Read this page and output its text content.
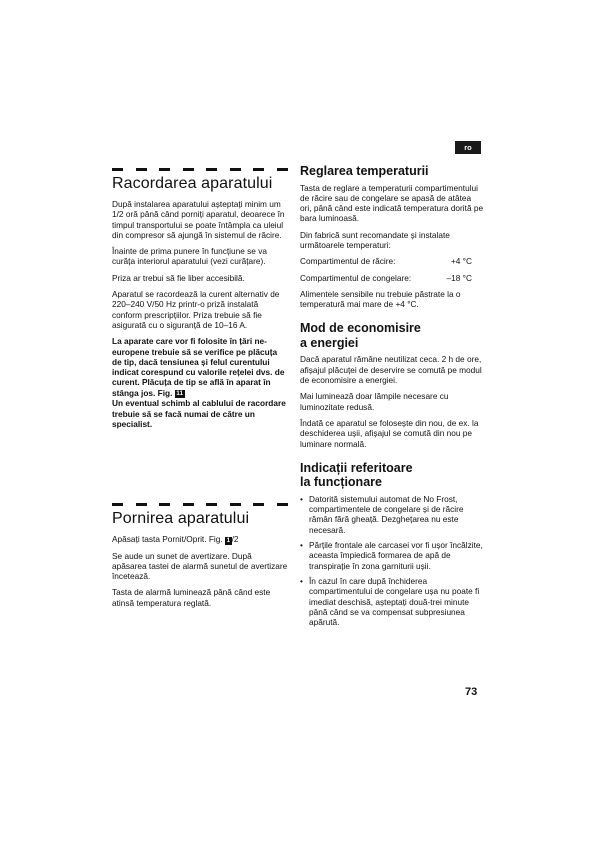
ro
Racordarea aparatului

După instalarea aparatului așteptați minim um 1/2 oră până când porniți aparatul, deoarece în timpul transportului se poate întâmpla ca uleiul din compresor să ajungă în sistemul de răcire.

Înainte de prima punere în funcțiune se va curăța interiorul aparatului (vezi curățare).

Priza ar trebui să fie liber accesibilă.

Aparatul se racordează la curent alternativ de 220–240 V/50 Hz printr-o priză instalată conform prescripțiilor. Priza trebuie să fie asigurată cu o siguranță de 10–16 A.

La aparate care vor fi folosite în țări ne-europene trebuie să se verifice pe plăcuța de tip, dacă tensiunea și felul curentului indicat corespund cu valorile rețelei dvs. de curent. Plăcuța de tip se află în aparat în stânga jos. Fig. 11

Un eventual schimb al cablului de racordare trebuie să se facă numai de către un specialist.

Pornirea aparatului

Apăsați tasta Pornit/Oprit. Fig. 1 /2

Se aude un sunet de avertizare. După apăsarea tastei de alarmă sunetul de avertizare încetează.

Tasta de alarmă luminează până când este atinsă temperatura reglată.

Reglarea temperaturii

Tasta de reglare a temperaturii compartimentului de răcire sau de congelare se apasă de atâtea ori, până când este indicată temperatura dorită pe bara luminoasă.

Din fabrică sunt recomandate și instalate următoarele temperaturi:

Compartimentul de răcire:	+4 °C
Compartimentul de congelare:	–18 °C

Alimentele sensibile nu trebuie păstrate la o temperatură mai mare de +4 °C.

Mod de economisire
a energiei

Dacă aparatul rămâne neutilizat ceca. 2 h de ore, afișajul plăcuței de deservire se comută pe modul de economisire a energiei.

Mai luminează doar lămpile necesare cu luminozitate redusă.

Îndată ce aparatul se folosește din nou, de ex. la deschiderea ușii, afișajul se comută din nou pe luminare normală.

Indicații referitoare
la funcționare
• Datorită sistemului automat de No Frost, compartimentele de congelare și de răcire rămân fără gheață. Dezghețarea nu este necesară.
• Părțile frontale ale carcasei vor fi ușor încălzite, aceasta împiedică formarea de apă de transpirație în zona garniturii ușii.
• În cazul în care după închiderea compartimentului de congelare ușa nu poate fi imediat deschisă, așteptați două-trei minute până când se va compensat subpresiunea apărută.
73
